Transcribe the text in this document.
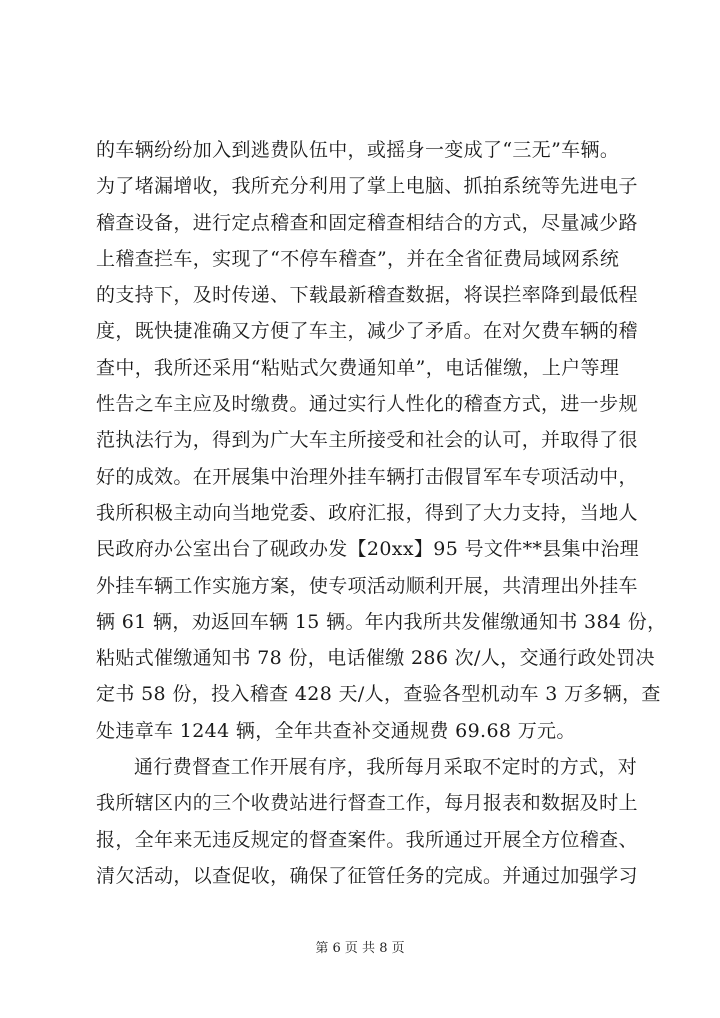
的车辆纷纷加入到逃费队伍中，或摇身一变成了“三无”车辆。
为了堵漏增收，我所充分利用了掌上电脑、抓拍系统等先进电子
稽查设备，进行定点稽查和固定稽查相结合的方式，尽量减少路
上稽查拦车，实现了“不停车稽查”，并在全省征费局域网系统
的支持下，及时传递、下载最新稽查数据，将误拦率降到最低程
度，既快捷准确又方便了车主，减少了矛盾。在对欠费车辆的稽
查中，我所还采用“粘贴式欠费通知单”，电话催缴，上户等理
性告之车主应及时缴费。通过实行人性化的稽查方式，进一步规
范执法行为，得到为广大车主所接受和社会的认可，并取得了很
好的成效。在开展集中治理外挂车辆打击假冒军车专项活动中，
我所积极主动向当地党委、政府汇报，得到了大力支持，当地人
民政府办公室出台了砚政办发【20xx】95 号文件**县集中治理
外挂车辆工作实施方案，使专项活动顺利开展，共清理出外挂车
辆 61 辆，劝返回车辆 15 辆。年内我所共发催缴通知书 384 份，
粘贴式催缴通知书 78 份，电话催缴 286 次/人，交通行政处罚决
定书 58 份，投入稽查 428 天/人，查验各型机动车 3 万多辆，查
处违章车 1244 辆，全年共查补交通规费 69.68 万元。
通行费督查工作开展有序，我所每月采取不定时的方式，对
我所辖区内的三个收费站进行督查工作，每月报表和数据及时上
报，全年来无违反规定的督查案件。我所通过开展全方位稽查、
清欠活动，以查促收，确保了征管任务的完成。并通过加强学习
第 6 页 共 8 页
